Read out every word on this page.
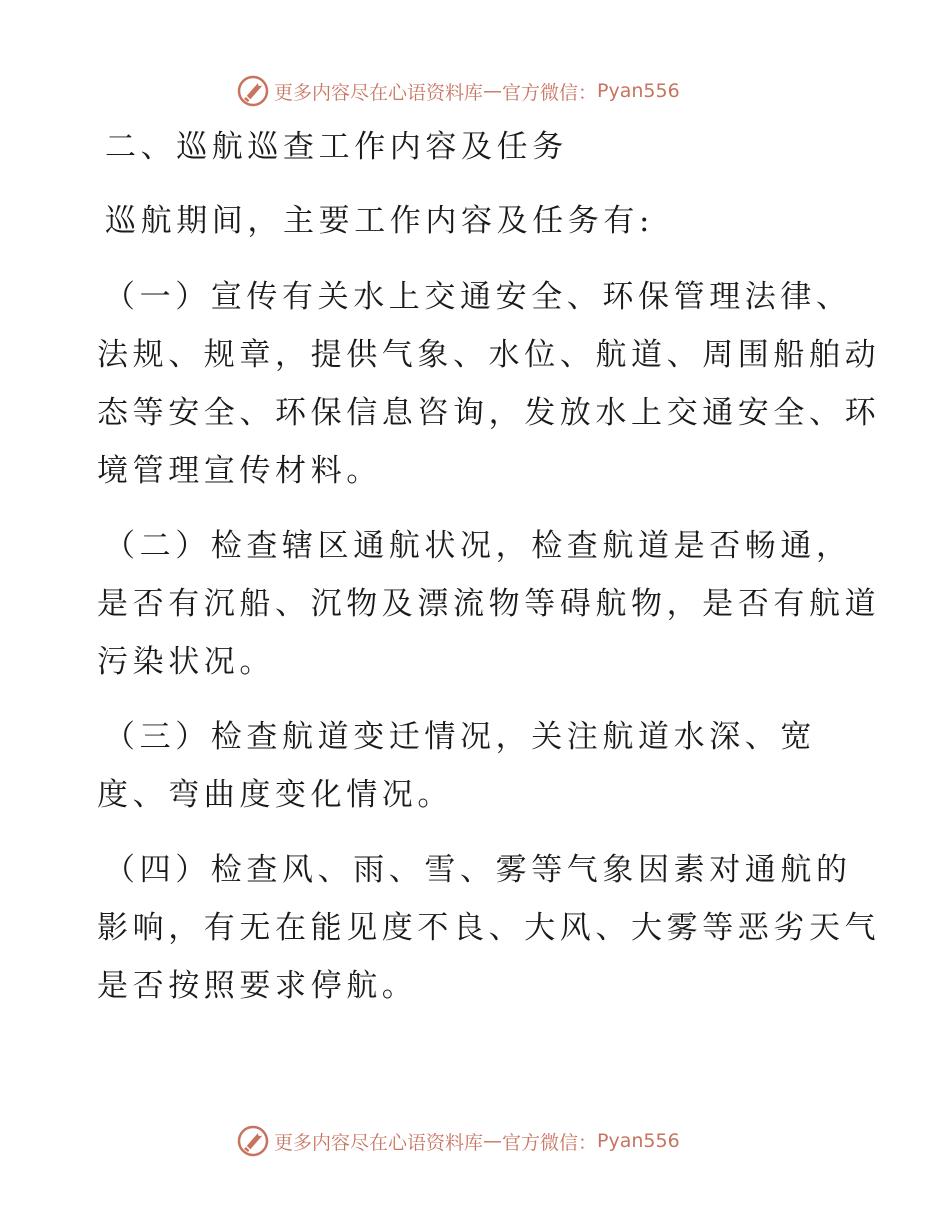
更多内容尽在心语资料库 — 官方微信： Pyan556
二、巡航巡查工作内容及任务
巡航期间，主要工作内容及任务有:
（一）宣传有关水上交通安全、环保管理法律、
法规、规章，提供气象、水位、航道、周围船舶动
态等安全、环保信息咨询，发放水上交通安全、环
境管理宣传材料。
（二）检查辖区通航状况，检查航道是否畅通，
是否有沉船、沉物及漂流物等碍航物，是否有航道
污染状况。
（三）检查航道变迁情况，关注航道水深、宽
度、弯曲度变化情况。
（四）检查风、雨、雪、雾等气象因素对通航的
影响，有无在能见度不良、大风、大雾等恶劣天气
是否按照要求停航。
更多内容尽在心语资料库 — 官方微信： Pyan556
